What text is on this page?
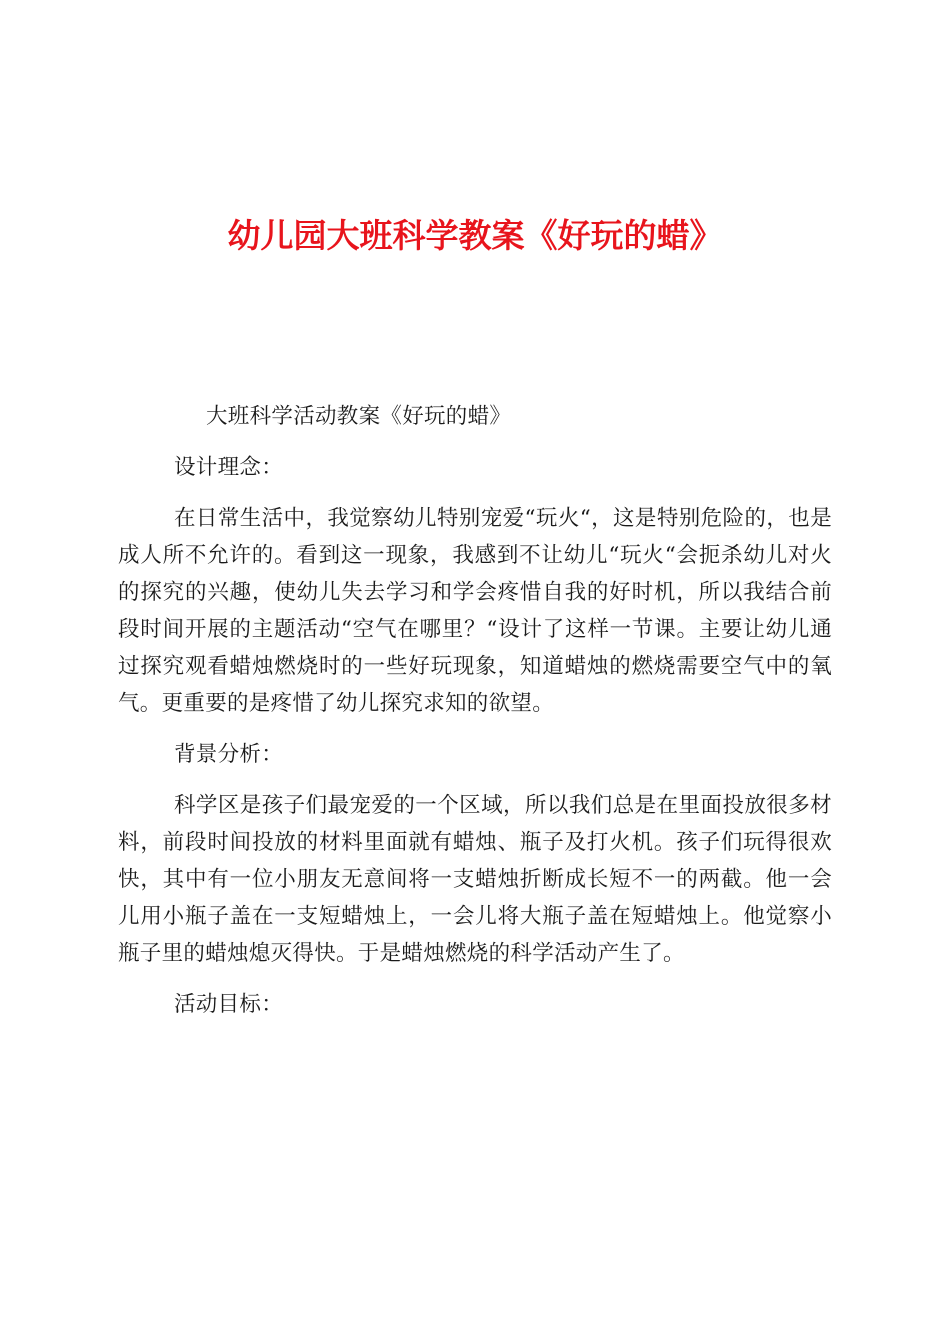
幼儿园大班科学教案《好玩的蜡》

大班科学活动教案《好玩的蜡》

设计理念：

在日常生活中，我觉察幼儿特别宠爱“玩火“，这是特别危险的，也是成人所不允许的。看到这一现象，我感到不让幼儿“玩火“会扼杀幼儿对火的探究的兴趣，使幼儿失去学习和学会疼惜自我的好时机，所以我结合前段时间开展的主题活动“空气在哪里？“设计了这样一节课。主要让幼儿通过探究观看蜡烛燃烧时的一些好玩现象，知道蜡烛的燃烧需要空气中的氧气。更重要的是疼惜了幼儿探究求知的欲望。

背景分析：

科学区是孩子们最宠爱的一个区域，所以我们总是在里面投放很多材料，前段时间投放的材料里面就有蜡烛、瓶子及打火机。孩子们玩得很欢快，其中有一位小朋友无意间将一支蜡烛折断成长短不一的两截。他一会儿用小瓶子盖在一支短蜡烛上，一会儿将大瓶子盖在短蜡烛上。他觉察小瓶子里的蜡烛熄灭得快。于是蜡烛燃烧的科学活动产生了。

活动目标：
